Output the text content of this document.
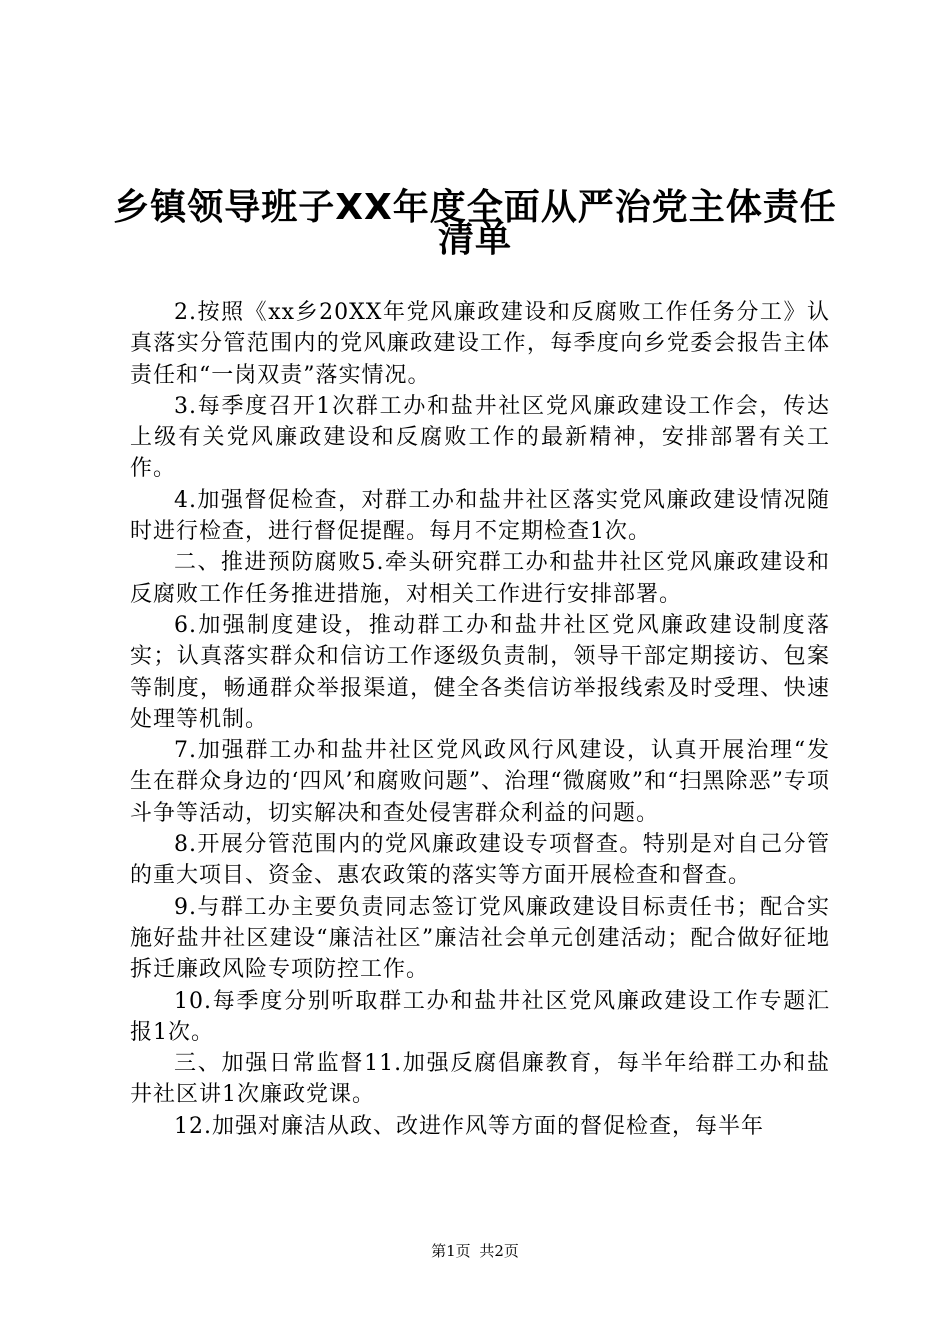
乡镇领导班子XX年度全面从严治党主体责任
清单

2.按照《xx乡20XX年党风廉政建设和反腐败工作任务分工》认真落实分管范围内的党风廉政建设工作，每季度向乡党委会报告主体责任和“一岗双责”落实情况。

3.每季度召开1次群工办和盐井社区党风廉政建设工作会，传达上级有关党风廉政建设和反腐败工作的最新精神，安排部署有关工作。

4.加强督促检查，对群工办和盐井社区落实党风廉政建设情况随时进行检查，进行督促提醒。每月不定期检查1次。

二、推进预防腐败5.牵头研究群工办和盐井社区党风廉政建设和反腐败工作任务推进措施，对相关工作进行安排部署。

6.加强制度建设，推动群工办和盐井社区党风廉政建设制度落实；认真落实群众和信访工作逐级负责制，领导干部定期接访、包案等制度，畅通群众举报渠道，健全各类信访举报线索及时受理、快速处理等机制。

7.加强群工办和盐井社区党风政风行风建设，认真开展治理“发生在群众身边的‘四风’和腐败问题”、治理“微腐败”和“扫黑除恶”专项斗争等活动，切实解决和查处侵害群众利益的问题。

8.开展分管范围内的党风廉政建设专项督查。特别是对自己分管的重大项目、资金、惠农政策的落实等方面开展检查和督查。

9.与群工办主要负责同志签订党风廉政建设目标责任书；配合实施好盐井社区建设“廉洁社区”廉洁社会单元创建活动；配合做好征地拆迁廉政风险专项防控工作。

10.每季度分别听取群工办和盐井社区党风廉政建设工作专题汇报1次。

三、加强日常监督11.加强反腐倡廉教育，每半年给群工办和盐井社区讲1次廉政党课。

12.加强对廉洁从政、改进作风等方面的督促检查，每半年

第1页 共2页
